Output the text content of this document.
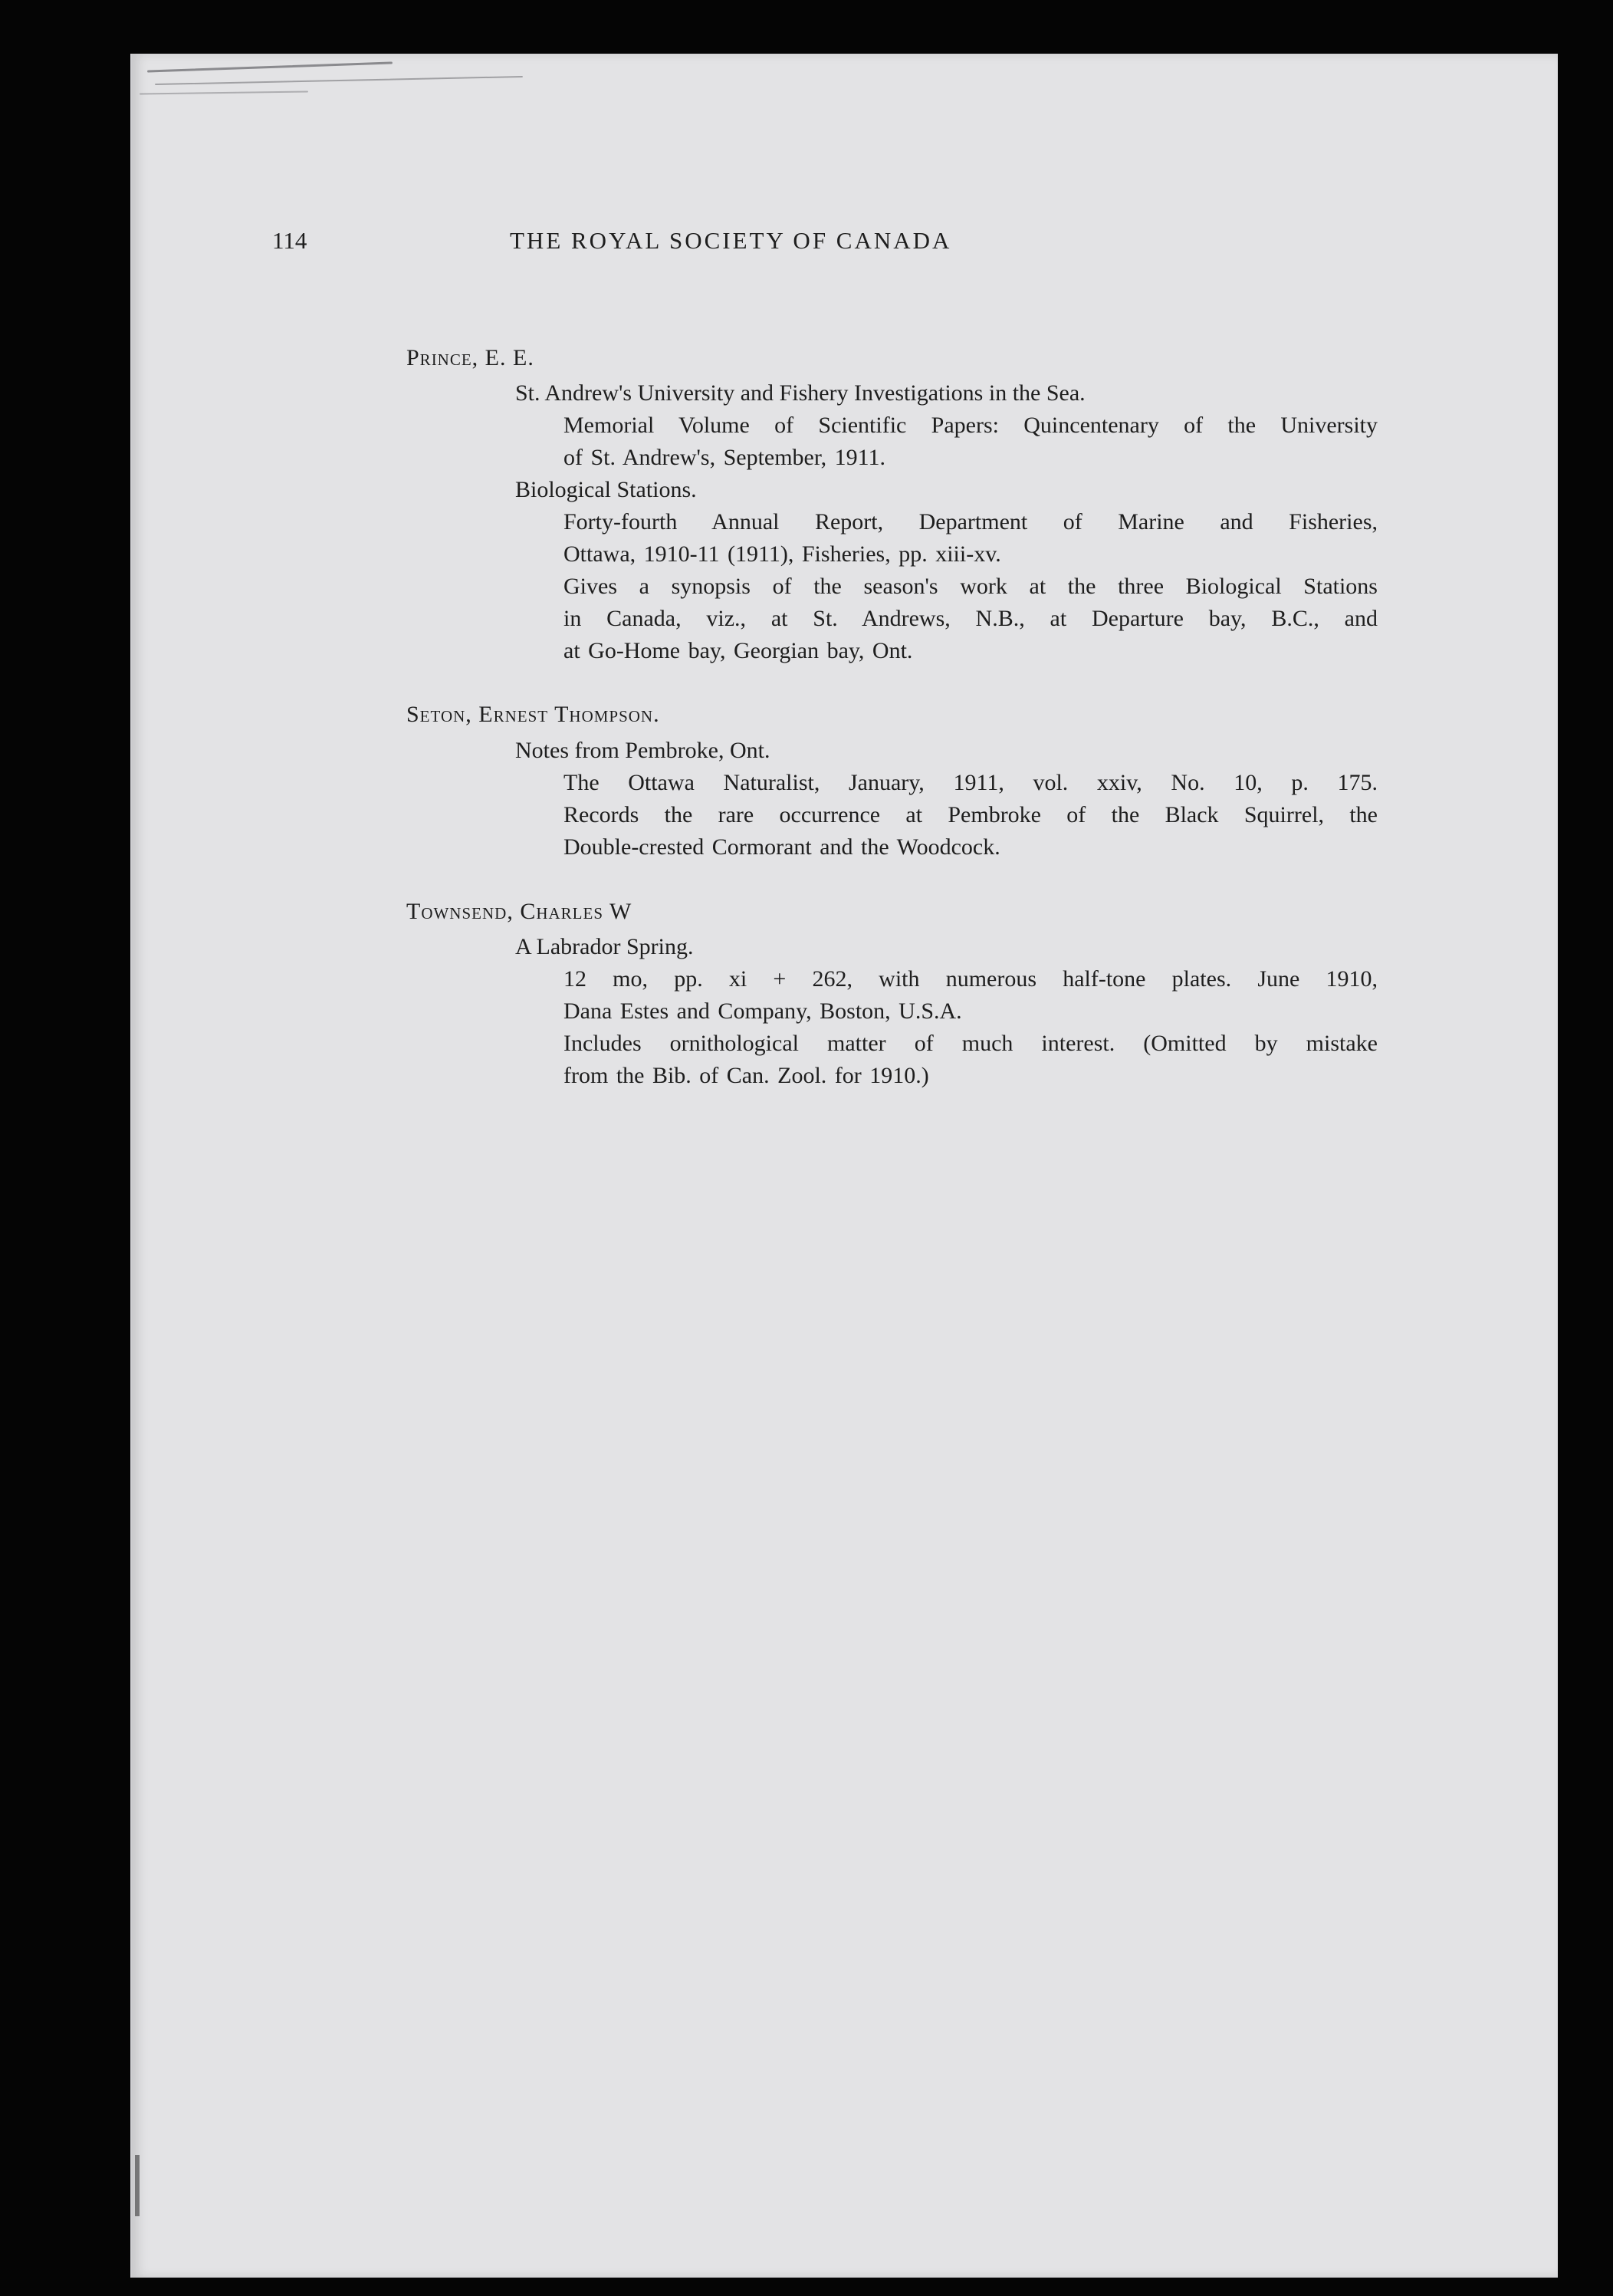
114	THE ROYAL SOCIETY OF CANADA
Prince, E. E.
St. Andrew's University and Fishery Investigations in the Sea.
Memorial Volume of Scientific Papers: Quincentenary of the University
of St. Andrew's, September, 1911.
Biological Stations.
Forty-fourth Annual Report, Department of Marine and Fisheries,
Ottawa, 1910-11 (1911), Fisheries, pp. xiii-xv.
Gives a synopsis of the season's work at the three Biological Stations
in Canada, viz., at St. Andrews, N.B., at Departure bay, B.C., and
at Go-Home bay, Georgian bay, Ont.
Seton, Ernest Thompson.
Notes from Pembroke, Ont.
The Ottawa Naturalist, January, 1911, vol. xxiv, No. 10, p. 175.
Records the rare occurrence at Pembroke of the Black Squirrel, the
Double-crested Cormorant and the Woodcock.
Townsend, Charles W
A Labrador Spring.
12 mo, pp. xi + 262, with numerous half-tone plates. June 1910,
Dana Estes and Company, Boston, U.S.A.
Includes ornithological matter of much interest. (Omitted by mistake
from the Bib. of Can. Zool. for 1910.)
